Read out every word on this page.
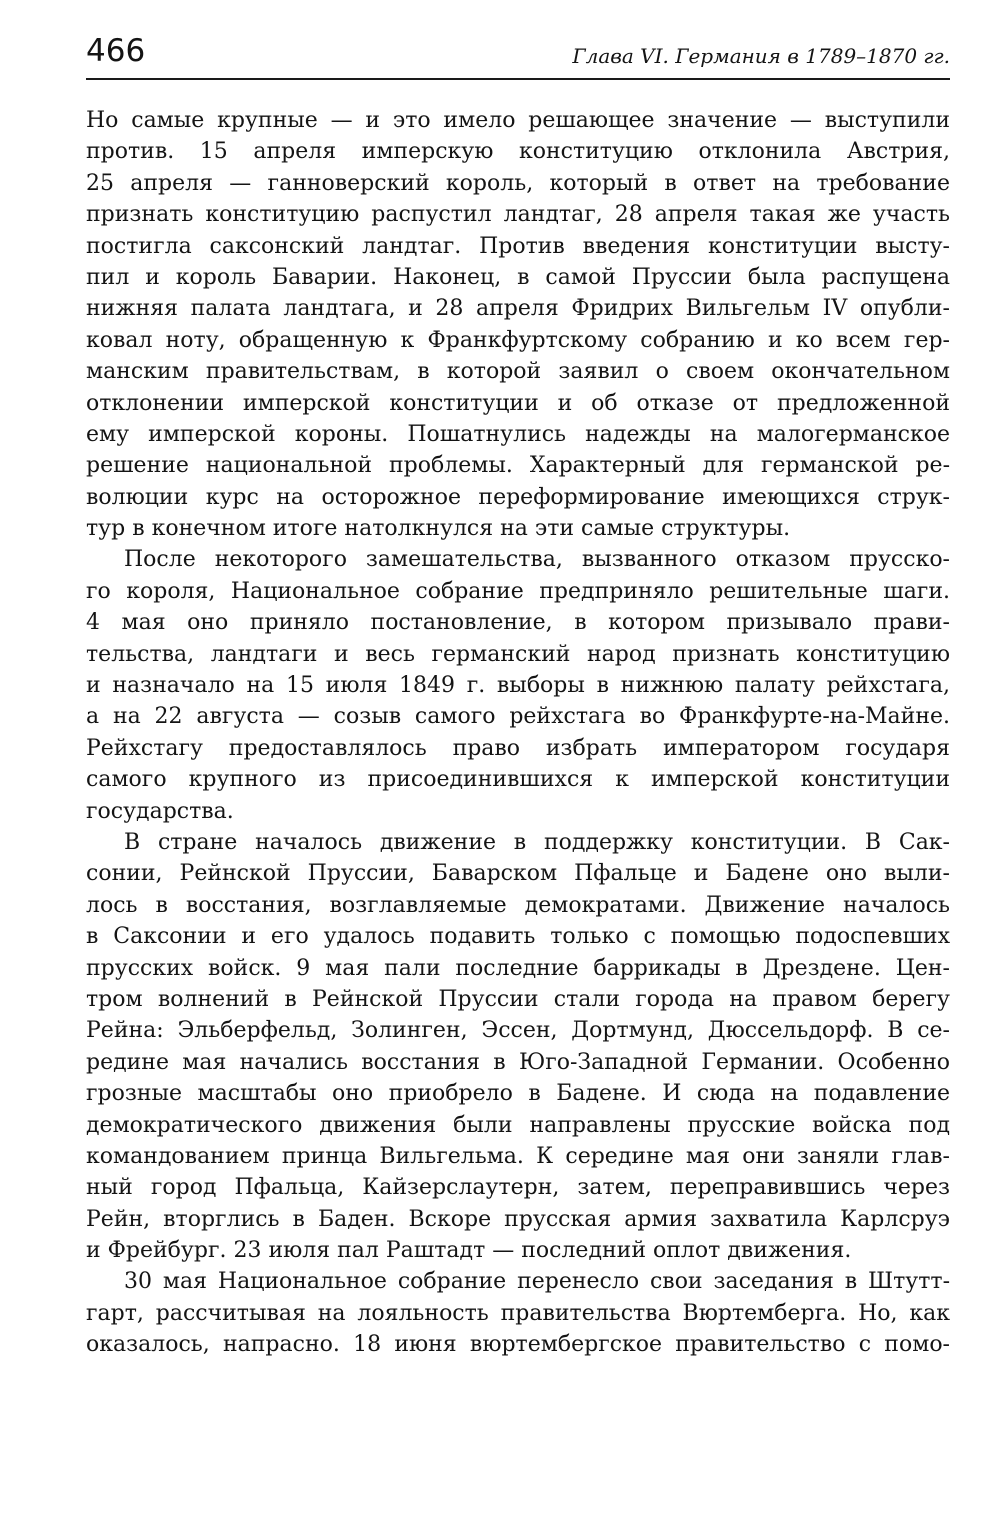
466	Глава VI. Германия в 1789–1870 гг.
Но самые крупные — и это имело решающее значение — выступили
против. 15 апреля имперскую конституцию отклонила Австрия,
25 апреля — ганноверский король, который в ответ на требование
признать конституцию распустил ландтаг, 28 апреля такая же участь
постигла саксонский ландтаг. Против введения конституции высту-
пил и король Баварии. Наконец, в самой Пруссии была распущена
нижняя палата ландтага, и 28 апреля Фридрих Вильгельм IV опубли-
ковал ноту, обращенную к Франкфуртскому собранию и ко всем гер-
манским правительствам, в которой заявил о своем окончательном
отклонении имперской конституции и об отказе от предложенной
ему имперской короны. Пошатнулись надежды на малогерманское
решение национальной проблемы. Характерный для германской ре-
волюции курс на осторожное переформирование имеющихся струк-
тур в конечном итоге натолкнулся на эти самые структуры.
После некоторого замешательства, вызванного отказом прусско-
го короля, Национальное собрание предприняло решительные шаги.
4 мая оно приняло постановление, в котором призывало прави-
тельства, ландтаги и весь германский народ признать конституцию
и назначало на 15 июля 1849 г. выборы в нижнюю палату рейхстага,
а на 22 августа — созыв самого рейхстага во Франкфурте-на-Майне.
Рейхстагу предоставлялось право избрать императором государя
самого крупного из присоединившихся к имперской конституции
государства.
В стране началось движение в поддержку конституции. В Сак-
сонии, Рейнской Пруссии, Баварском Пфальце и Бадене оно выли-
лось в восстания, возглавляемые демократами. Движение началось
в Саксонии и его удалось подавить только с помощью подоспевших
прусских войск. 9 мая пали последние баррикады в Дрездене. Цен-
тром волнений в Рейнской Пруссии стали города на правом берегу
Рейна: Эльберфельд, Золинген, Эссен, Дортмунд, Дюссельдорф. В се-
редине мая начались восстания в Юго-Западной Германии. Особенно
грозные масштабы оно приобрело в Бадене. И сюда на подавление
демократического движения были направлены прусские войска под
командованием принца Вильгельма. К середине мая они заняли глав-
ный город Пфальца, Кайзерслаутерн, затем, переправившись через
Рейн, вторглись в Баден. Вскоре прусская армия захватила Карлсруэ
и Фрейбург. 23 июля пал Раштадт — последний оплот движения.
30 мая Национальное собрание перенесло свои заседания в Штутт-
гарт, рассчитывая на лояльность правительства Вюртемберга. Но, как
оказалось, напрасно. 18 июня вюртембергское правительство с помо-
